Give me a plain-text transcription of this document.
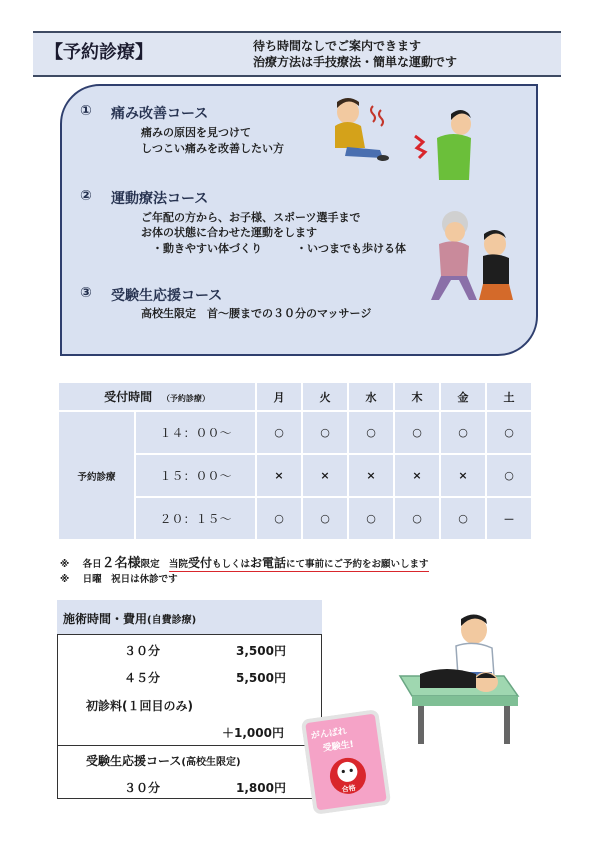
【予約診療】	待ち時間なしでご案内できます
治療方法は手技療法・簡単な運動です
① 痛み改善コース
痛みの原因を見つけて
しつこい痛みを改善したい方
② 運動療法コース
ご年配の方から、お子様、スポーツ選手まで
お体の状態に合わせた運動をします
・動きやすい体づくり	・いつまでも歩ける体
③ 受験生応援コース
高校生限定　首～腰までの３０分のマッサージ
受付時間 （予約診療）		月	火	水	木	金	土
予約診療	１４：００～	○	○	○	○	○	○
	１５：００～	×	×	×	×	×	○
	２０：１５～	○	○	○	○	○	－
※ 各日２名様限定 当院受付もしくはお電話にて事前にご予約をお願いします
※ 日曜　祝日は休診です
施術時間・費用(自費診療)
３０分	3,500円
４５分	5,500円
初診料(１回目のみ)
＋1,000円
受験生応援コース(高校生限定)
３０分	1,800円
がんばれ
受験生!
合格
